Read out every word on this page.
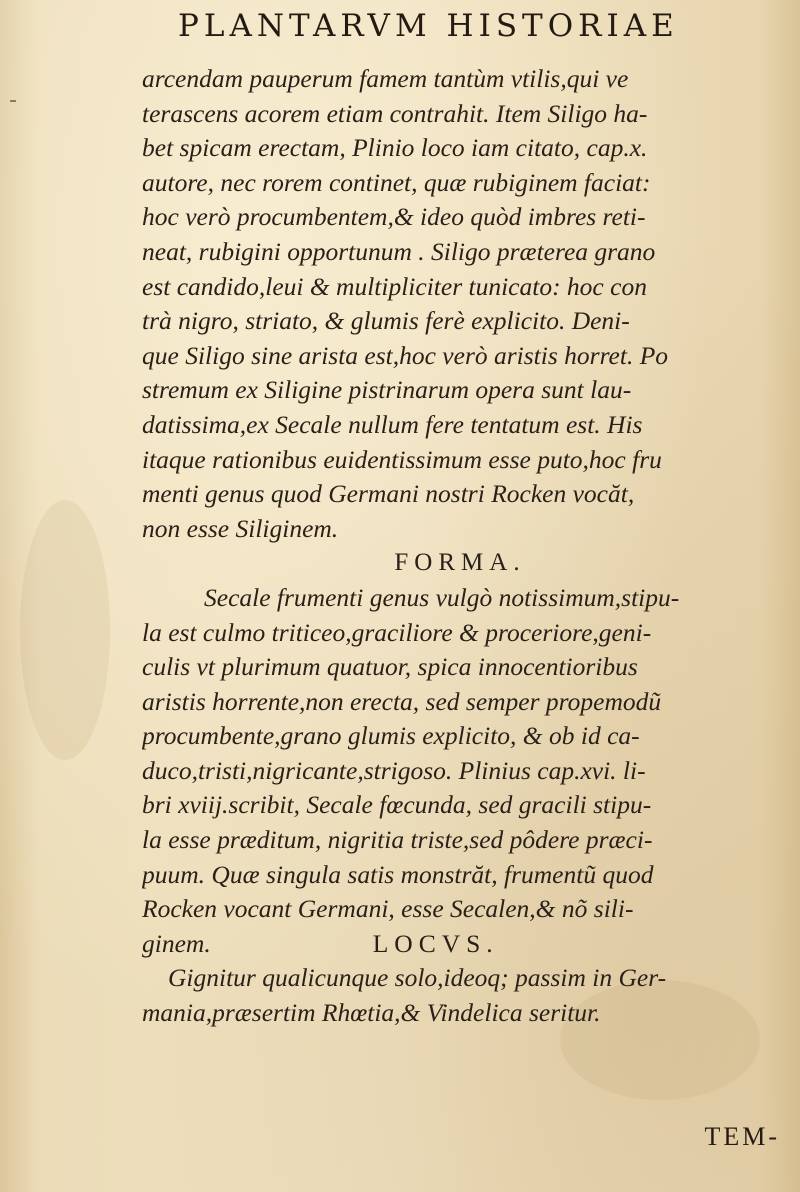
PLANTARVM HISTORIAE
arcendam pauperum famem tantùm vtilis,qui ve
terascens acorem etiam contrahit. Item Siligo ha-
bet spicam erectam, Plinio loco iam citato, cap.x.
autore, nec rorem continet, quæ rubiginem faciat:
hoc verò procumbentem,& ideo quòd imbres reti-
neat, rubigini opportunum . Siligo præterea grano
est candido,leui & multipliciter tunicato: hoc con
trà nigro, striato, & glumis ferè explicito. Deni-
que Siligo sine arista est,hoc verò aristis horret. Po
stremum ex Siligine pistrinarum opera sunt lau-
datissima,ex Secale nullum fere tentatum est. His
itaque rationibus euidentissimum esse puto,hoc fru
menti genus quod Germani nostri Rocken vocăt,
non esse Siliginem.
FORMA.
Secale frumenti genus vulgò notissimum,stipu-
la est culmo triticeo,graciliore & proceriore,geni-
culis vt plurimum quatuor, spica innocentioribus
aristis horrente,non erecta, sed semper propemodũ
procumbente,grano glumis explicito, & ob id ca-
duco,tristi,nigricante,strigoso. Plinius cap.xvi. li-
bri xviij.scribit, Secale fœcunda, sed gracili stipu-
la esse præditum, nigritia triste,sed pôdere præci-
puum. Quæ singula satis monstrăt, frumentũ quod
Rocken vocant Germani, esse Secalen,& nõ sili-
ginem.	LOCVS.
Gignitur qualicunque solo,ideoq; passim in Ger-
mania,præsertim Rhœtia,& Vindelica seritur.
TEM-
